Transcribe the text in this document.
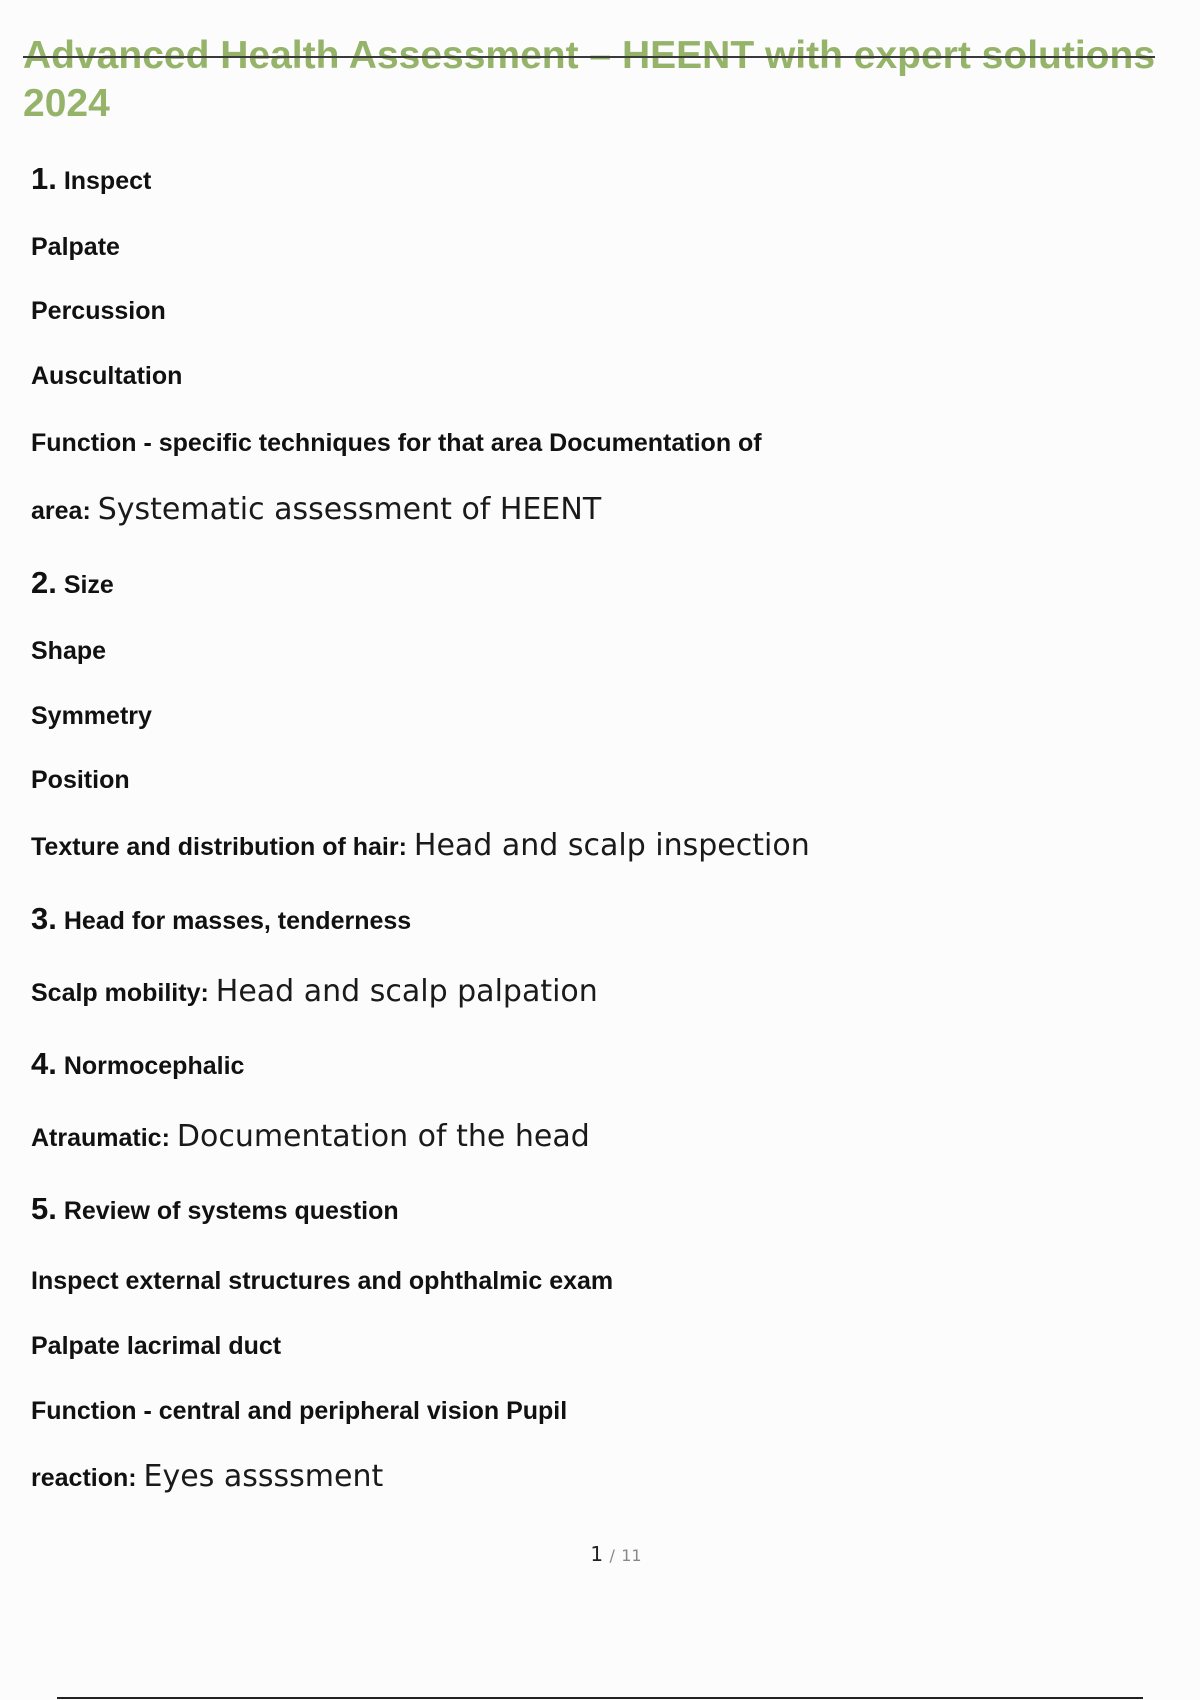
Advanced Health Assessment – HEENT with expert solutions
2024
1. Inspect
Palpate
Percussion
Auscultation
Function - specific techniques for that area Documentation of
area: Systematic assessment of HEENT
2. Size
Shape
Symmetry
Position
Texture and distribution of hair: Head and scalp inspection
3. Head for masses, tenderness
Scalp mobility: Head and scalp palpation
4. Normocephalic
Atraumatic: Documentation of the head
5. Review of systems question
Inspect external structures and ophthalmic exam
Palpate lacrimal duct
Function - central and peripheral vision Pupil
reaction: Eyes assssment
1 / 11
